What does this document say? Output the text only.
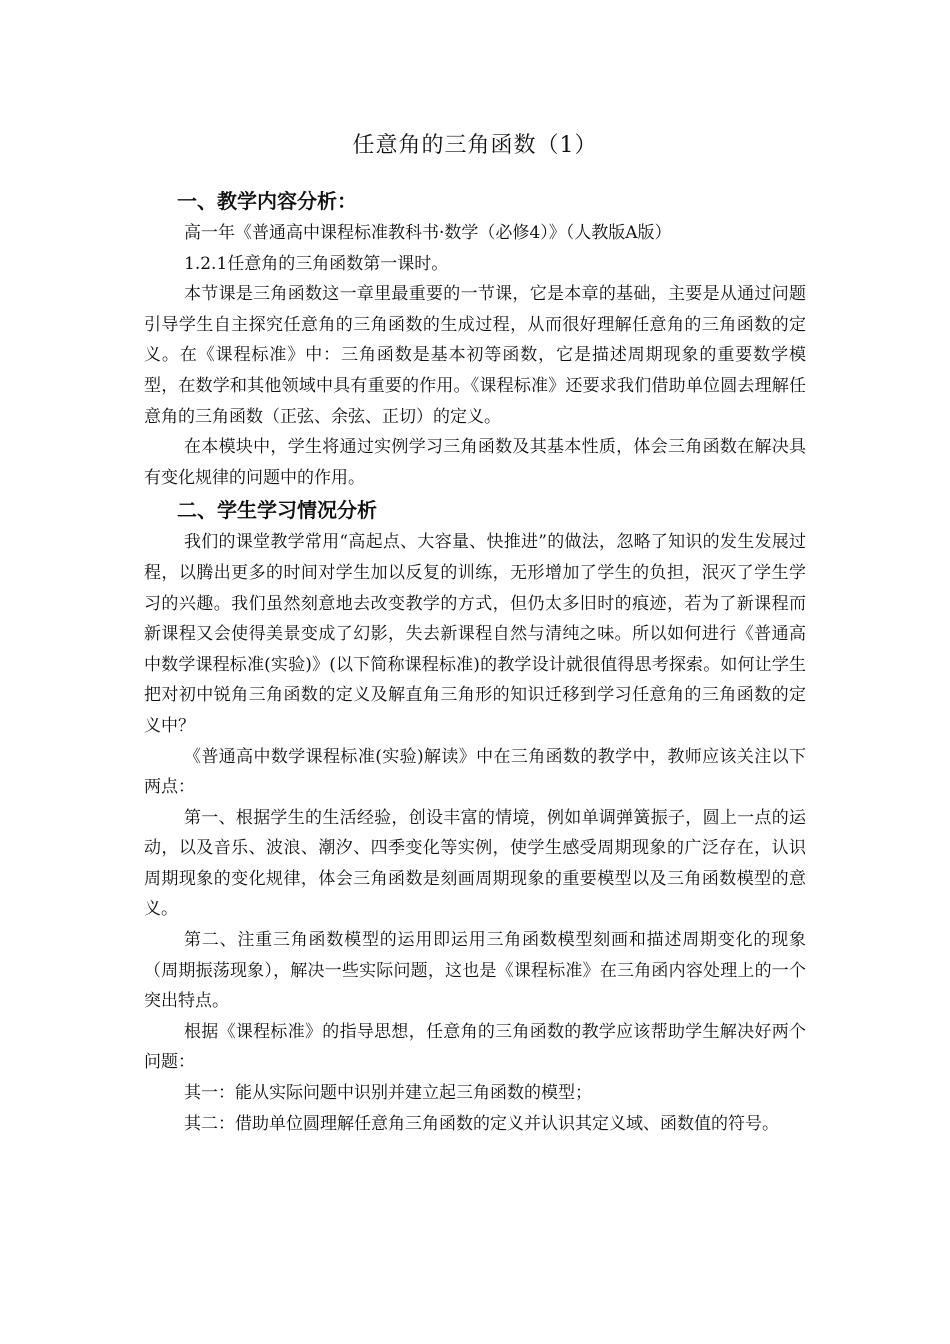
任意角的三角函数（1）
一、教学内容分析：

高一年《普通高中课程标准教科书·数学（必修4）》（人教版A版）

1.2.1任意角的三角函数第一课时。

本节课是三角函数这一章里最重要的一节课，它是本章的基础，主要是从通过问题引导学生自主探究任意角的三角函数的生成过程，从而很好理解任意角的三角函数的定义。在《课程标准》中：三角函数是基本初等函数，它是描述周期现象的重要数学模型，在数学和其他领域中具有重要的作用。《课程标准》还要求我们借助单位圆去理解任意角的三角函数（正弦、余弦、正切）的定义。

在本模块中，学生将通过实例学习三角函数及其基本性质，体会三角函数在解决具有变化规律的问题中的作用。

二、学生学习情况分析

我们的课堂教学常用“高起点、大容量、快推进”的做法，忽略了知识的发生发展过程，以腾出更多的时间对学生加以反复的训练，无形增加了学生的负担，泯灭了学生学习的兴趣。我们虽然刻意地去改变教学的方式，但仍太多旧时的痕迹，若为了新课程而新课程又会使得美景变成了幻影，失去新课程自然与清纯之味。所以如何进行《普通高中数学课程标准(实验)》(以下简称课程标准)的教学设计就很值得思考探索。如何让学生把对初中锐角三角函数的定义及解直角三角形的知识迁移到学习任意角的三角函数的定义中？

《普通高中数学课程标准(实验)解读》中在三角函数的教学中，教师应该关注以下两点：

第一、根据学生的生活经验，创设丰富的情境，例如单调弹簧振子，圆上一点的运动，以及音乐、波浪、潮汐、四季变化等实例，使学生感受周期现象的广泛存在，认识周期现象的变化规律，体会三角函数是刻画周期现象的重要模型以及三角函数模型的意义。

第二、注重三角函数模型的运用即运用三角函数模型刻画和描述周期变化的现象（周期振荡现象），解决一些实际问题，这也是《课程标准》在三角函内容处理上的一个突出特点。

根据《课程标准》的指导思想，任意角的三角函数的教学应该帮助学生解决好两个问题：

其一：能从实际问题中识别并建立起三角函数的模型；

其二：借助单位圆理解任意角三角函数的定义并认识其定义域、函数值的符号。
